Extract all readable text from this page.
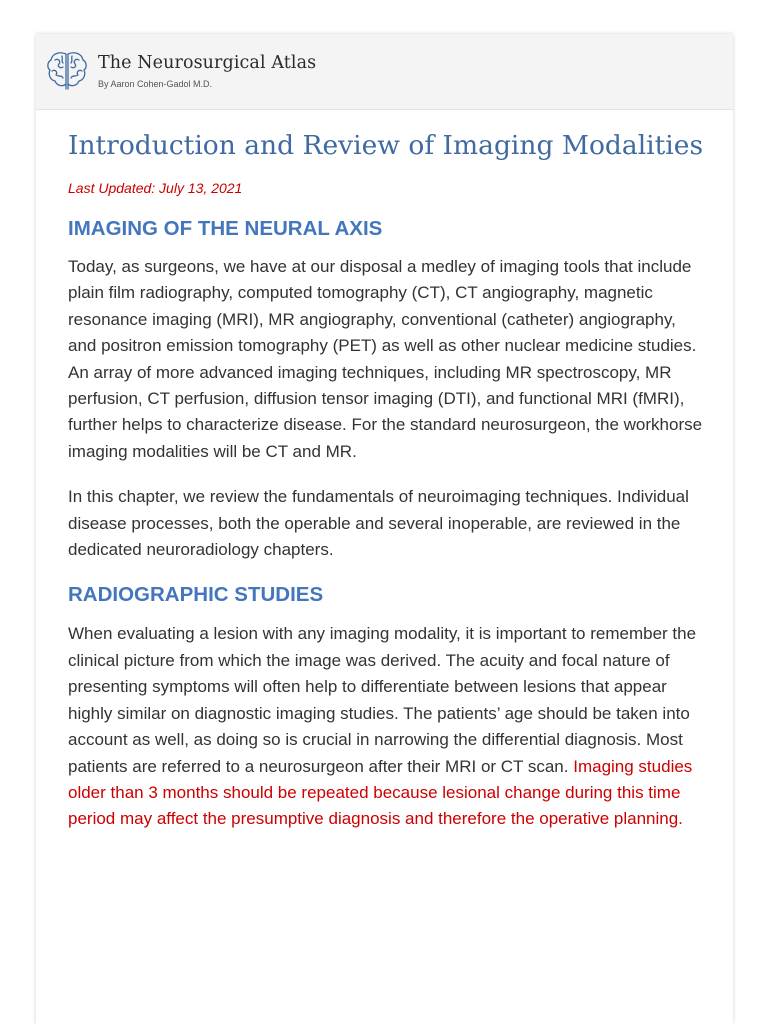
The Neurosurgical Atlas
By Aaron Cohen-Gadol M.D.
Introduction and Review of Imaging Modalities
Last Updated: July 13, 2021
IMAGING OF THE NEURAL AXIS

Today, as surgeons, we have at our disposal a medley of imaging tools that include plain film radiography, computed tomography (CT), CT angiography, magnetic resonance imaging (MRI), MR angiography, conventional (catheter) angiography, and positron emission tomography (PET) as well as other nuclear medicine studies. An array of more advanced imaging techniques, including MR spectroscopy, MR perfusion, CT perfusion, diffusion tensor imaging (DTI), and functional MRI (fMRI), further helps to characterize disease. For the standard neurosurgeon, the workhorse imaging modalities will be CT and MR.

In this chapter, we review the fundamentals of neuroimaging techniques. Individual disease processes, both the operable and several inoperable, are reviewed in the dedicated neuroradiology chapters.

RADIOGRAPHIC STUDIES

When evaluating a lesion with any imaging modality, it is important to remember the clinical picture from which the image was derived. The acuity and focal nature of presenting symptoms will often help to differentiate between lesions that appear highly similar on diagnostic imaging studies. The patients’ age should be taken into account as well, as doing so is crucial in narrowing the differential diagnosis. Most patients are referred to a neurosurgeon after their MRI or CT scan. Imaging studies older than 3 months should be repeated because lesional change during this time period may affect the presumptive diagnosis and therefore the operative planning.
